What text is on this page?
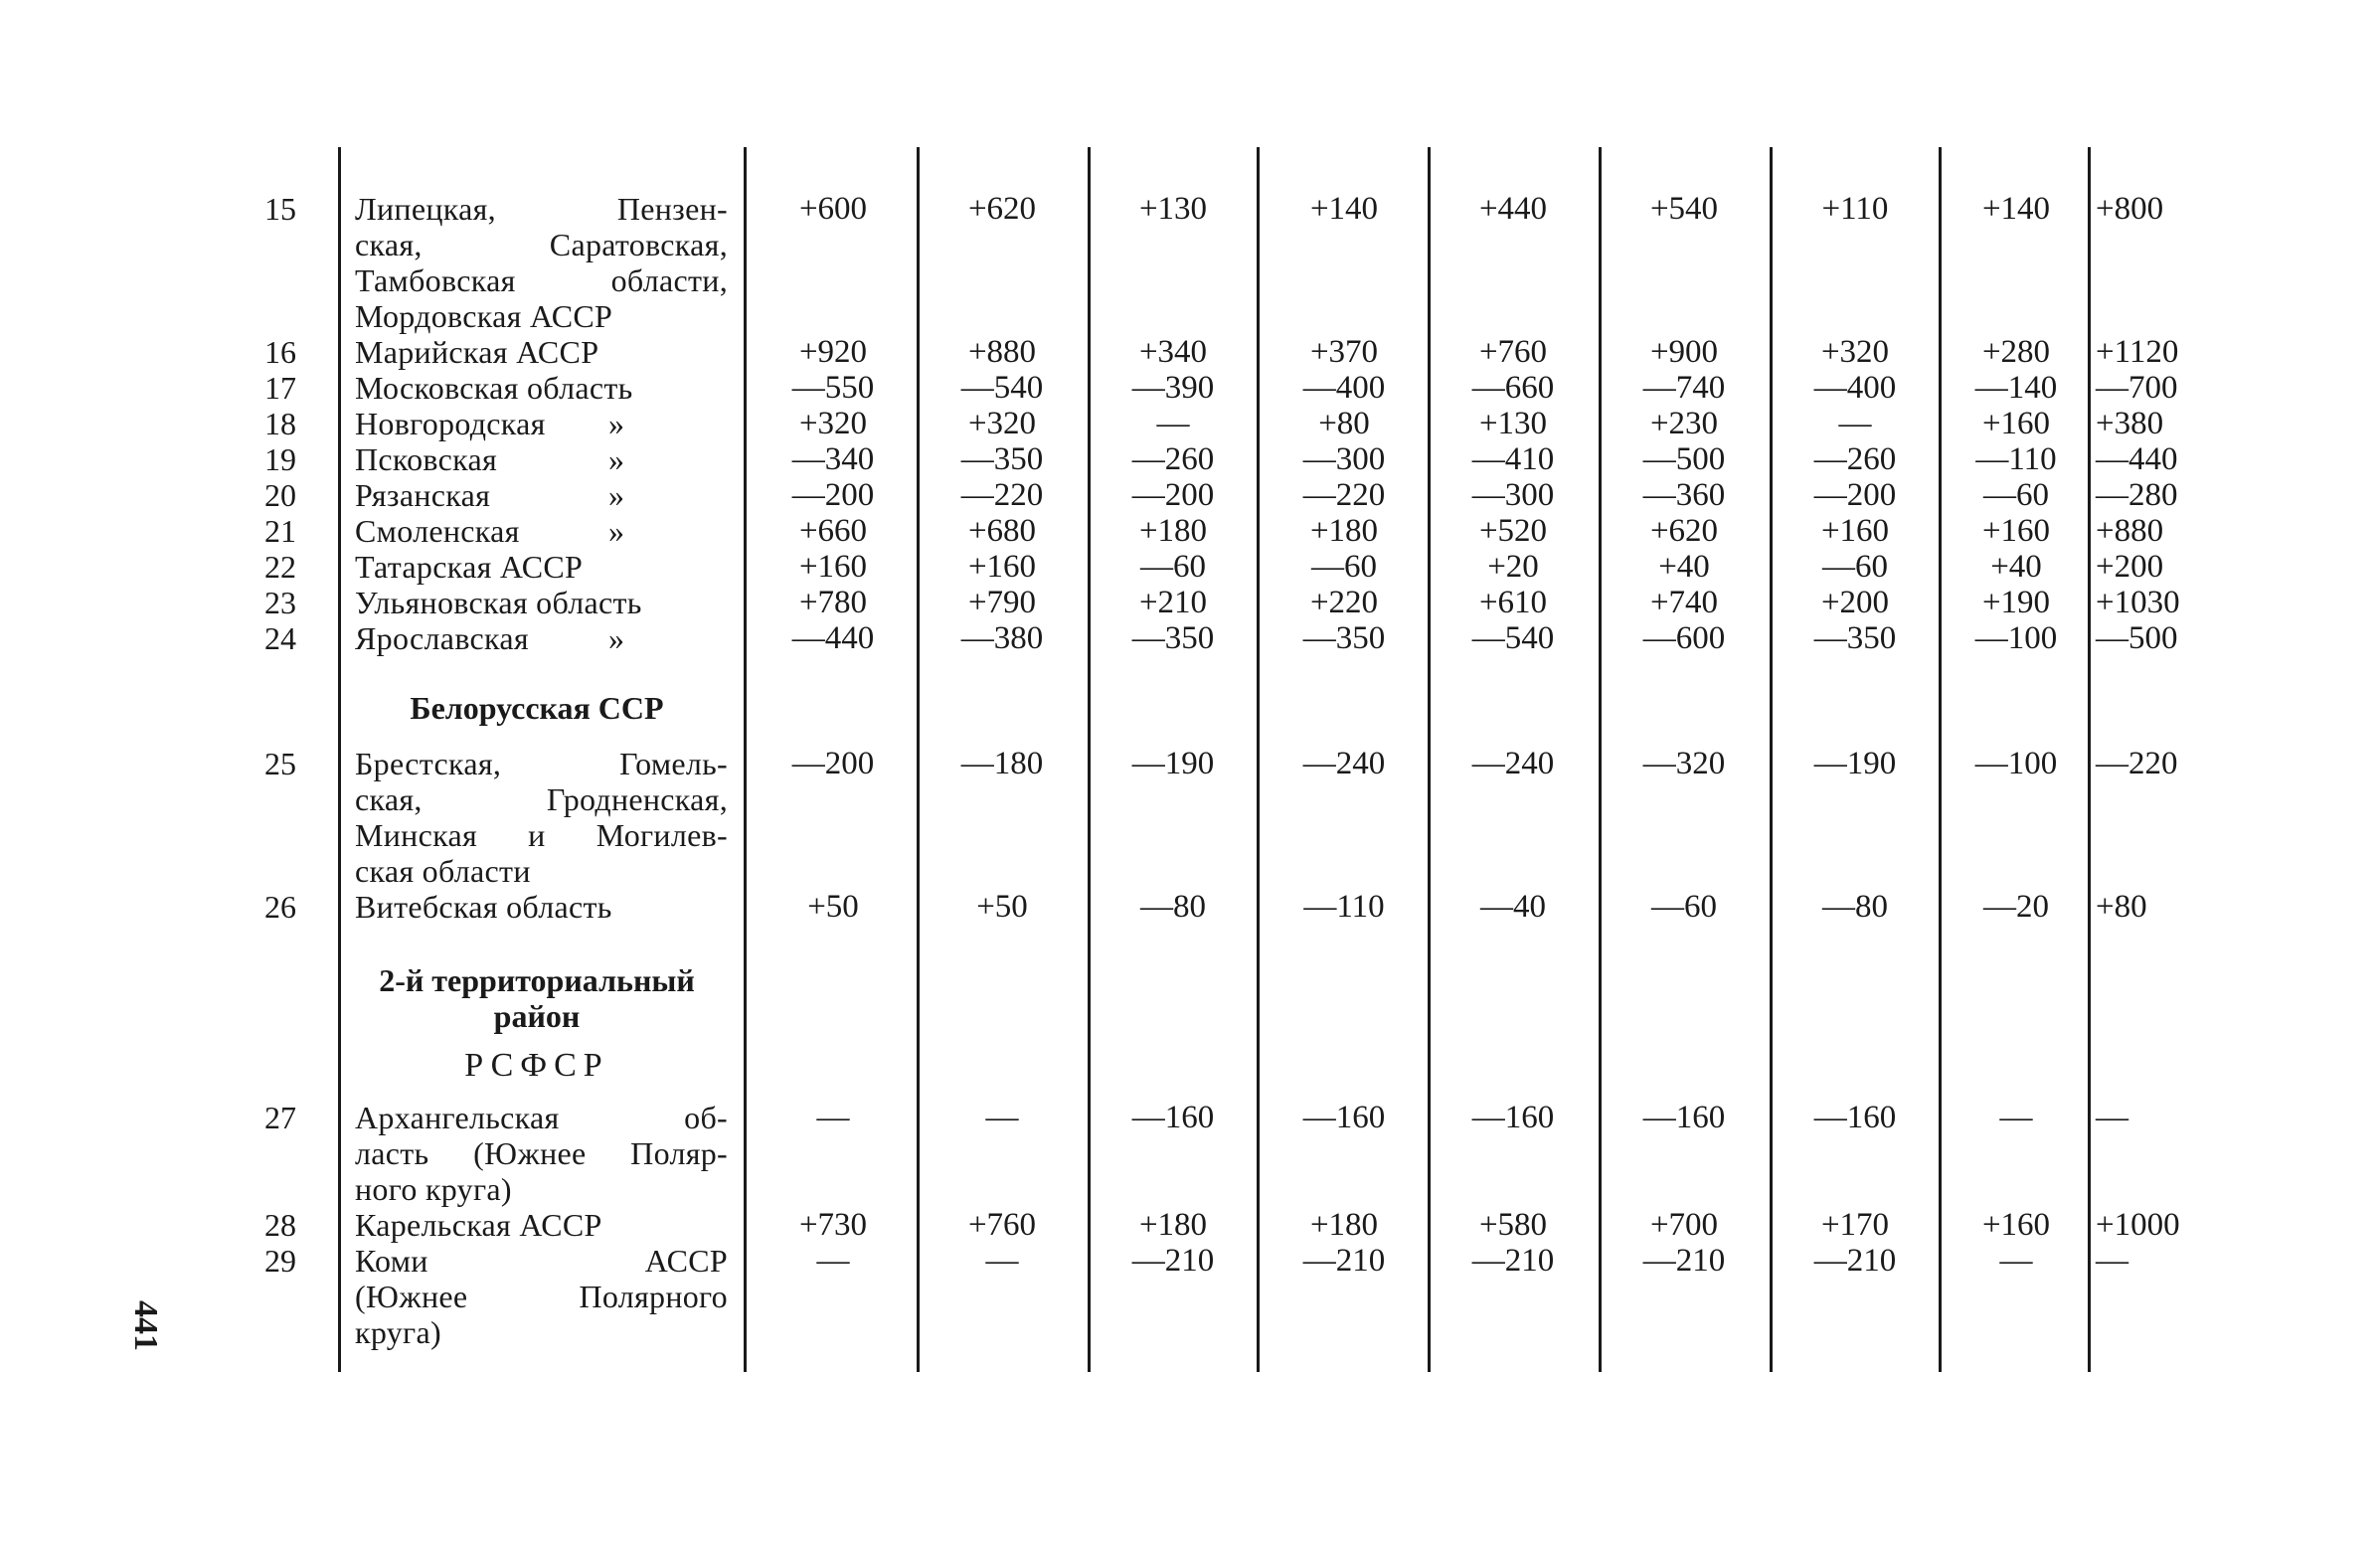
15 Липецкая, Пензен-
ская, Саратовская,
Тамбовская области,
Мордовская АССР
+600	+620	+130	+140	+440	+540	+110	+140	+800
16 Марийская АССР	+920	+880	+340	+370	+760	+900	+320	+280	+1120
17 Московская область	—550	—540	—390	—400	—660	—740	—400	—140	—700
18 Новгородская »	+320	+320	—	+80	+130	+230	—	+160	+380
19 Псковская	»	—340	—350	—260	—300	—410	—500	—260	—110	—440
20 Рязанская	»	—200	—220	—200	—220	—300	—360	—200	—60	—280
21 Смоленская	»	+660	+680	+180	+180	+520	+620	+160	+160	+880
22 Татарская АССР	+160	+160	—60	—60	+20	+40	—60	+40	+200
23 Ульяновская область	+780	+790	+210	+220	+610	+740	+200	+190	+1030
24 Ярославская	»	—440	—380	—350	—350	—540	—600	—350	—100	—500
Белорусская ССР
25 Брестская, Гомель-
ская, Гродненская,
Минская и Могилев-
ская области
—200	—180	—190	—240	—240	—320	—190	—100	—220
26 Витебская область	+50	+50	—80	—110	—40	—60	—80	—20	+80
2-й территориальный
район
РСФСР
27 Архангельская об-
ласть (Южнее Поляр-
ного круга)
—	—	—160	—160	—160	—160	—160	—	—
28 Карельская АССР	+730	+760	+180	+180	+580	+700	+170	+160	+1000
29 Коми АССР
(Южнее Полярного
круга)
—	—	—210	—210	—210	—210	—210	—	—
441
